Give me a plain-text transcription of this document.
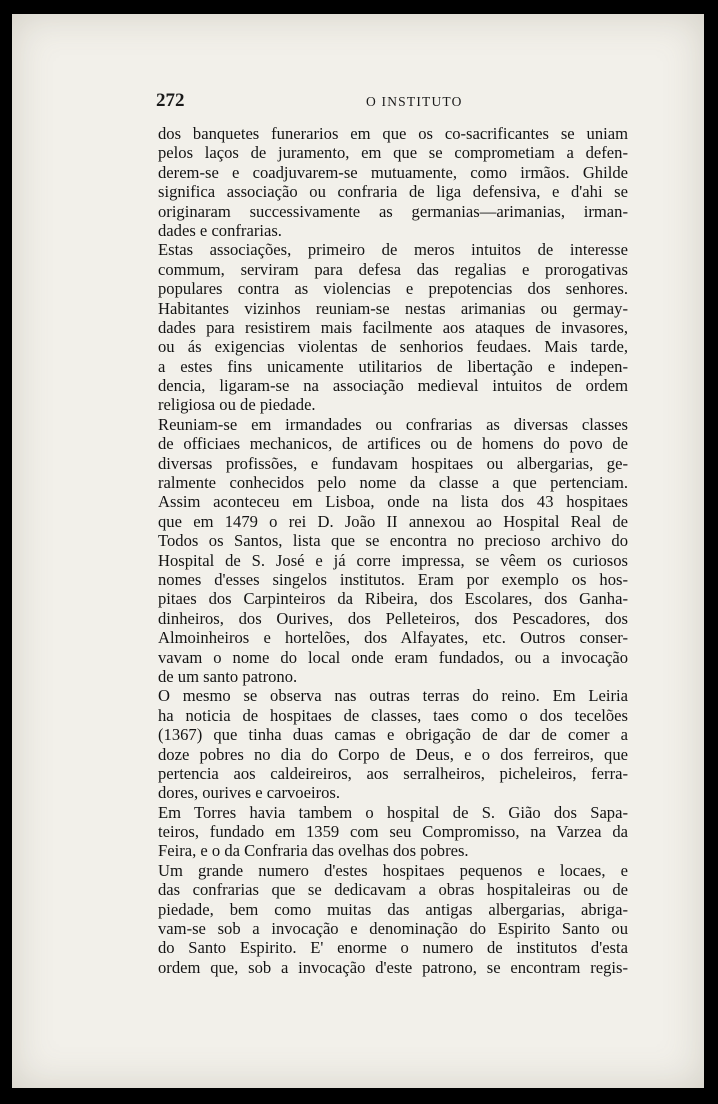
272	O INSTITUTO
dos banquetes funerarios em que os co-sacrificantes se uniam
pelos laços de juramento, em que se comprometiam a defen-
derem-se e coadjuvarem-se mutuamente, como irmãos. Ghilde
significa associação ou confraria de liga defensiva, e d'ahi se
originaram successivamente as germanias—arimanias, irman-
dades e confrarias.
Estas associações, primeiro de meros intuitos de interesse
commum, serviram para defesa das regalias e prorogativas
populares contra as violencias e prepotencias dos senhores.
Habitantes vizinhos reuniam-se nestas arimanias ou germay-
dades para resistirem mais facilmente aos ataques de invasores,
ou ás exigencias violentas de senhorios feudaes. Mais tarde,
a estes fins unicamente utilitarios de libertação e indepen-
dencia, ligaram-se na associação medieval intuitos de ordem
religiosa ou de piedade.
Reuniam-se em irmandades ou confrarias as diversas classes
de officiaes mechanicos, de artifices ou de homens do povo de
diversas profissões, e fundavam hospitaes ou albergarias, ge-
ralmente conhecidos pelo nome da classe a que pertenciam.
Assim aconteceu em Lisboa, onde na lista dos 43 hospitaes
que em 1479 o rei D. João II annexou ao Hospital Real de
Todos os Santos, lista que se encontra no precioso archivo do
Hospital de S. José e já corre impressa, se vêem os curiosos
nomes d'esses singelos institutos. Eram por exemplo os hos-
pitaes dos Carpinteiros da Ribeira, dos Escolares, dos Ganha-
dinheiros, dos Ourives, dos Pelleteiros, dos Pescadores, dos
Almoinheiros e hortelões, dos Alfayates, etc. Outros conser-
vavam o nome do local onde eram fundados, ou a invocação
de um santo patrono.
O mesmo se observa nas outras terras do reino. Em Leiria
ha noticia de hospitaes de classes, taes como o dos tecelões
(1367) que tinha duas camas e obrigação de dar de comer a
doze pobres no dia do Corpo de Deus, e o dos ferreiros, que
pertencia aos caldeireiros, aos serralheiros, picheleiros, ferra-
dores, ourives e carvoeiros.
Em Torres havia tambem o hospital de S. Gião dos Sapa-
teiros, fundado em 1359 com seu Compromisso, na Varzea da
Feira, e o da Confraria das ovelhas dos pobres.
Um grande numero d'estes hospitaes pequenos e locaes, e
das confrarias que se dedicavam a obras hospitaleiras ou de
piedade, bem como muitas das antigas albergarias, abriga-
vam-se sob a invocação e denominação do Espirito Santo ou
do Santo Espirito. E' enorme o numero de institutos d'esta
ordem que, sob a invocação d'este patrono, se encontram regis-
